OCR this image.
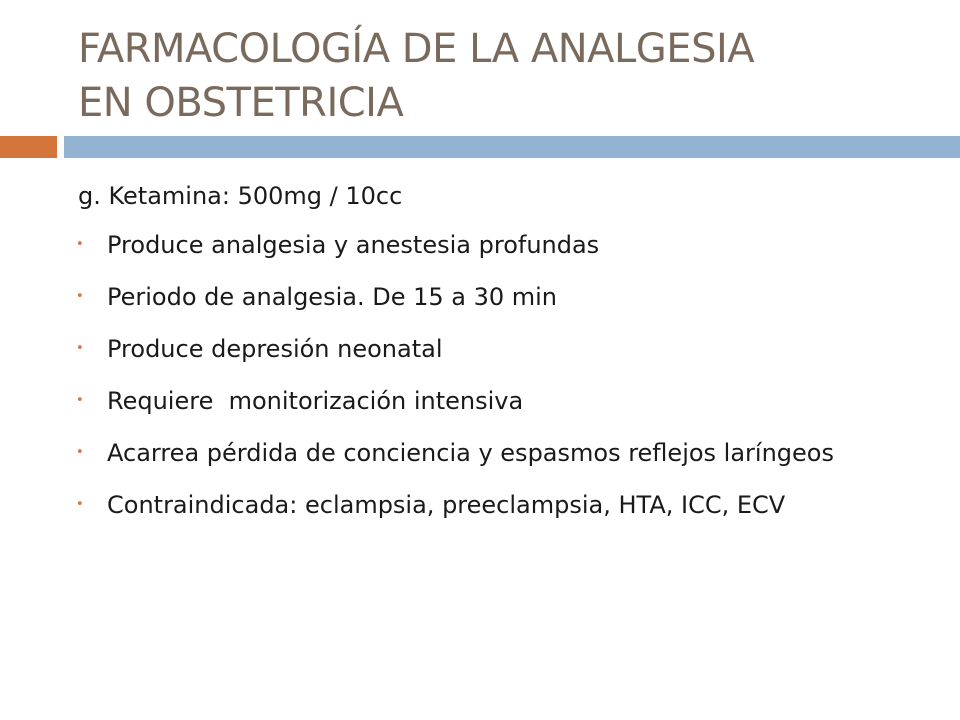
FARMACOLOGÍA DE LA ANALGESIA
EN OBSTETRICIA
g. Ketamina: 500mg / 10cc
• Produce analgesia y anestesia profundas
• Periodo de analgesia. De 15 a 30 min
• Produce depresión neonatal
• Requiere  monitorización intensiva
• Acarrea pérdida de conciencia y espasmos reflejos laríngeos
• Contraindicada: eclampsia, preeclampsia, HTA, ICC, ECV
